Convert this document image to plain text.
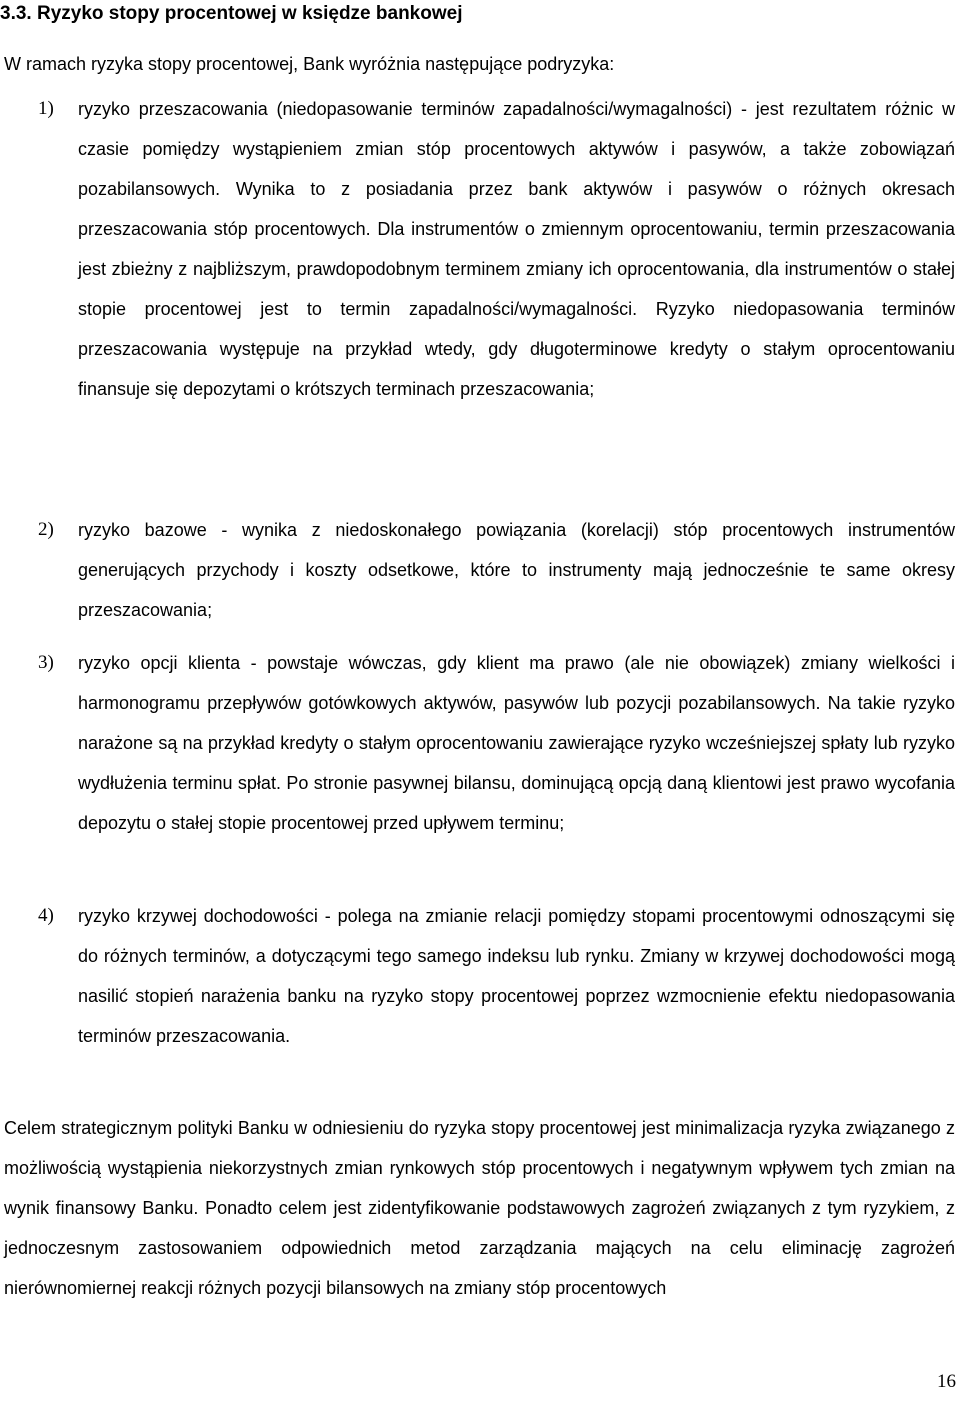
3.3. Ryzyko stopy procentowej w księdze bankowej
W ramach ryzyka stopy procentowej, Bank wyróżnia następujące podryzyka:
1) ryzyko przeszacowania (niedopasowanie terminów zapadalności/wymagalności) - jest rezultatem różnic w czasie pomiędzy wystąpieniem zmian stóp procentowych aktywów i pasywów, a także zobowiązań pozabilansowych. Wynika to z posiadania przez bank aktywów i pasywów o różnych okresach przeszacowania stóp procentowych. Dla instrumentów o zmiennym oprocentowaniu, termin przeszacowania jest zbieżny z najbliższym, prawdopodobnym terminem zmiany ich oprocentowania, dla instrumentów o stałej stopie procentowej jest to termin zapadalności/wymagalności. Ryzyko niedopasowania terminów przeszacowania występuje na przykład wtedy, gdy długoterminowe kredyty o stałym oprocentowaniu finansuje się depozytami o krótszych terminach przeszacowania;
2) ryzyko bazowe - wynika z niedoskonałego powiązania (korelacji) stóp procentowych instrumentów generujących przychody i koszty odsetkowe, które to instrumenty mają jednocześnie te same okresy przeszacowania;
3) ryzyko opcji klienta - powstaje wówczas, gdy klient ma prawo (ale nie obowiązek) zmiany wielkości i harmonogramu przepływów gotówkowych aktywów, pasywów lub pozycji pozabilansowych. Na takie ryzyko narażone są na przykład kredyty o stałym oprocentowaniu zawierające ryzyko wcześniejszej spłaty lub ryzyko wydłużenia terminu spłat. Po stronie pasywnej bilansu, dominującą opcją daną klientowi jest prawo wycofania depozytu o stałej stopie procentowej przed upływem terminu;
4) ryzyko krzywej dochodowości - polega na zmianie relacji pomiędzy stopami procentowymi odnoszącymi się do różnych terminów, a dotyczącymi tego samego indeksu lub rynku. Zmiany w krzywej dochodowości mogą nasilić stopień narażenia banku na ryzyko stopy procentowej poprzez wzmocnienie efektu niedopasowania terminów przeszacowania.
Celem strategicznym polityki Banku w odniesieniu do ryzyka stopy procentowej jest minimalizacja ryzyka związanego z możliwością wystąpienia niekorzystnych zmian rynkowych stóp procentowych i negatywnym wpływem tych zmian na wynik finansowy Banku. Ponadto celem jest zidentyfikowanie podstawowych zagrożeń związanych z tym ryzykiem, z jednoczesnym zastosowaniem odpowiednich metod zarządzania mających na celu eliminację zagrożeń nierównomiernej reakcji różnych pozycji bilansowych na zmiany stóp procentowych
16
